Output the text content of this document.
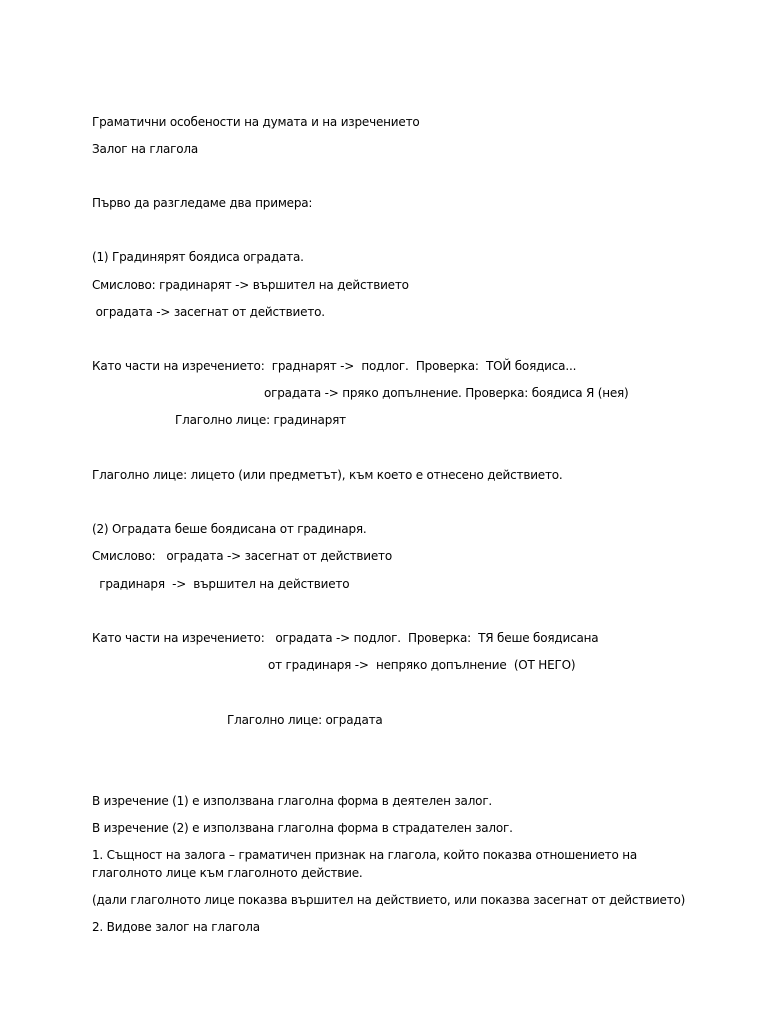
Граматични особености на думата и на изречението
Залог на глагола
Първо да разгледаме два примера:
(1) Градинярят боядиса оградата.
Смислово: градинарят -> вършител на действието
оградата -> засегнат от действието.
Като части на изречението:  граднарят ->  подлог.  Проверка:  ТОЙ боядиса...
оградата -> пряко допълнение. Проверка: боядиса Я (нея)
Глаголно лице: градинарят
Глаголно лице: лицето (или предметът), към което е отнесено действието.
(2) Оградата беше боядисана от градинаря.
Смислово:   оградата -> засегнат от действието
градинаря  ->  вършител на действието
Като части на изречението:   оградата -> подлог.  Проверка:  ТЯ беше боядисана
от градинаря ->  непряко допълнение  (ОТ НЕГО)
Глаголно лице: оградата
В изречение (1) е използвана глаголна форма в деятелен залог.
В изречение (2) е използвана глаголна форма в страдателен залог.
1. Същност на залога – граматичен признак на глагола, който показва отношението на
глаголното лице към глаголното действие.
(дали глаголното лице показва вършител на действието, или показва засегнат от действието)
2. Видове залог на глагола
